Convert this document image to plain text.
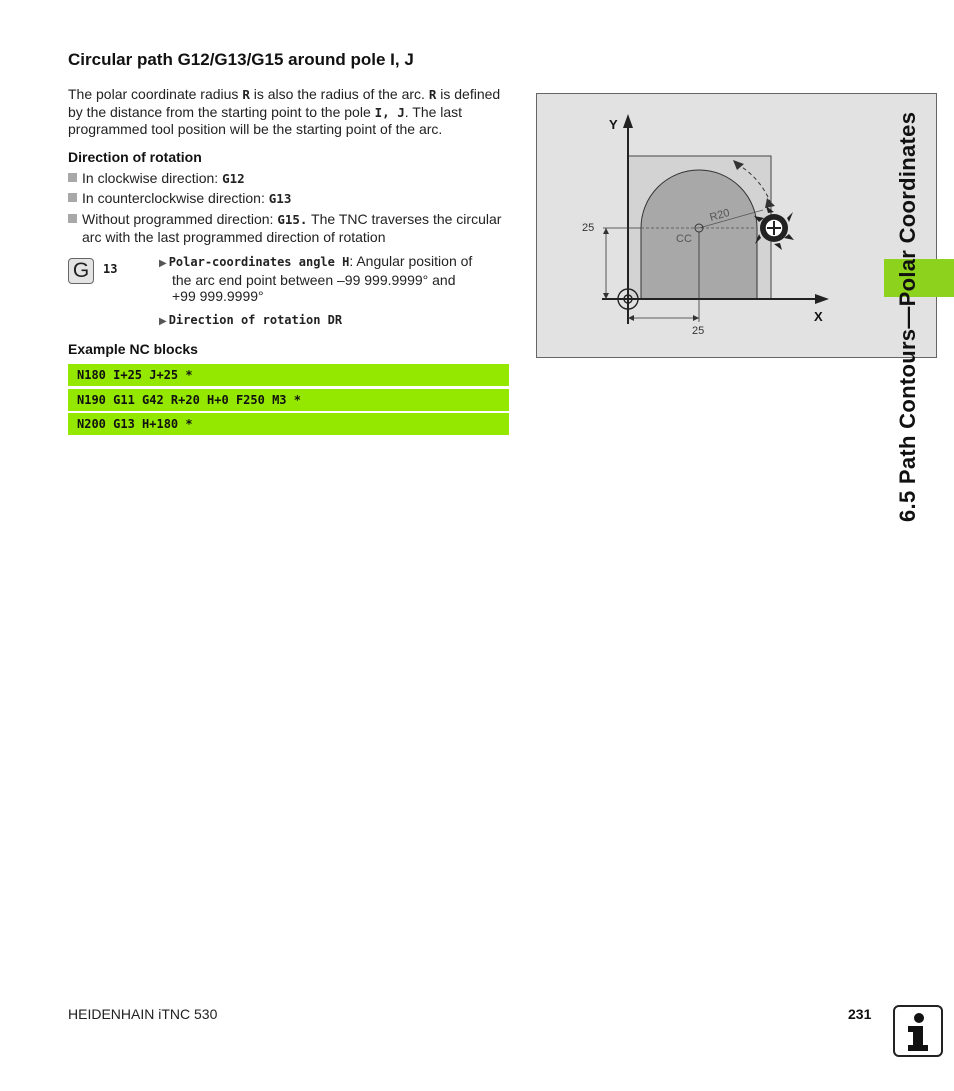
Circular path G12/G13/G15 around pole I, J

The polar coordinate radius R is also the radius of the arc. R is defined by the distance from the starting point to the pole I, J. The last programmed tool position will be the starting point of the arc.

Direction of rotation
In clockwise direction: G12
In counterclockwise direction: G13
Without programmed direction: G15. The TNC traverses the circular
arc with the last programmed direction of rotation
G	13	▶ Polar-coordinates angle H: Angular position of
the arc end point between –99 999.9999° and
+99 999.9999°
▶ Direction of rotation DR
Example NC blocks
N180 I+25 J+25 *
N190 G11 G42 R+20 H+0 F250 M3 *
N200 G13 H+180 *
Y
X
25
25
CC
R20	6.5 Path Contours—Polar Coordinates
HEIDENHAIN iTNC 530	231
